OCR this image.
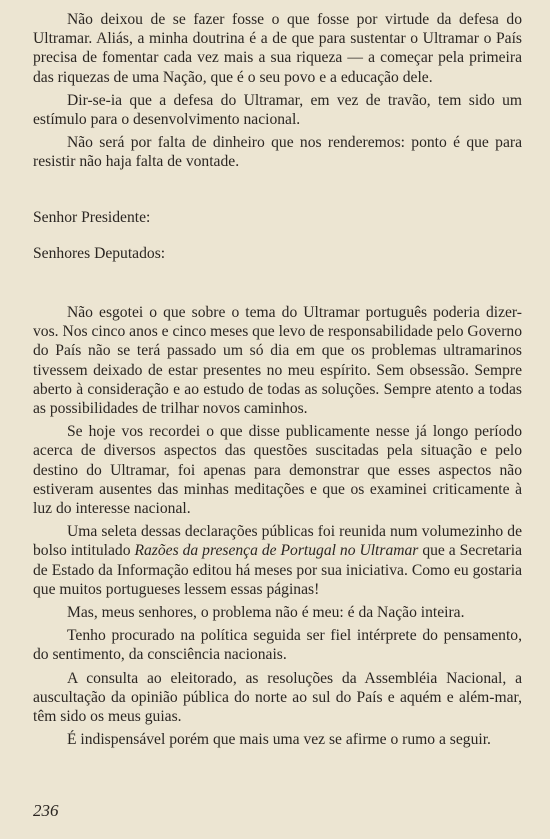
Não deixou de se fazer fosse o que fosse por virtude da defesa do Ultramar. Aliás, a minha doutrina é a de que para sustentar o Ultramar o País precisa de fomentar cada vez mais a sua riqueza — a começar pela primeira das riquezas de uma Nação, que é o seu povo e a educação dele.

Dir-se-ia que a defesa do Ultramar, em vez de travão, tem sido um estímulo para o desenvolvimento nacional.

Não será por falta de dinheiro que nos renderemos: ponto é que para resistir não haja falta de vontade.

Senhor Presidente:

Senhores Deputados:

Não esgotei o que sobre o tema do Ultramar português poderia dizer-vos. Nos cinco anos e cinco meses que levo de responsabilidade pelo Governo do País não se terá passado um só dia em que os problemas ultramarinos tivessem deixado de estar presentes no meu espírito. Sem obsessão. Sempre aberto à consideração e ao estudo de todas as soluções. Sempre atento a todas as possibilidades de trilhar novos caminhos.

Se hoje vos recordei o que disse publicamente nesse já longo período acerca de diversos aspectos das questões suscitadas pela situação e pelo destino do Ultramar, foi apenas para demonstrar que esses aspectos não estiveram ausentes das minhas meditações e que os examinei criticamente à luz do interesse nacional.

Uma seleta dessas declarações públicas foi reunida num volumezinho de bolso intitulado Razões da presença de Portugal no Ultramar que a Secretaria de Estado da Informação editou há meses por sua iniciativa. Como eu gostaria que muitos portugueses lessem essas páginas!

Mas, meus senhores, o problema não é meu: é da Nação inteira.

Tenho procurado na política seguida ser fiel intérprete do pensamento, do sentimento, da consciência nacionais.

A consulta ao eleitorado, as resoluções da Assembléia Nacional, a auscultação da opinião pública do norte ao sul do País e aquém e além-mar, têm sido os meus guias.

É indispensável porém que mais uma vez se afirme o rumo a seguir.

236
